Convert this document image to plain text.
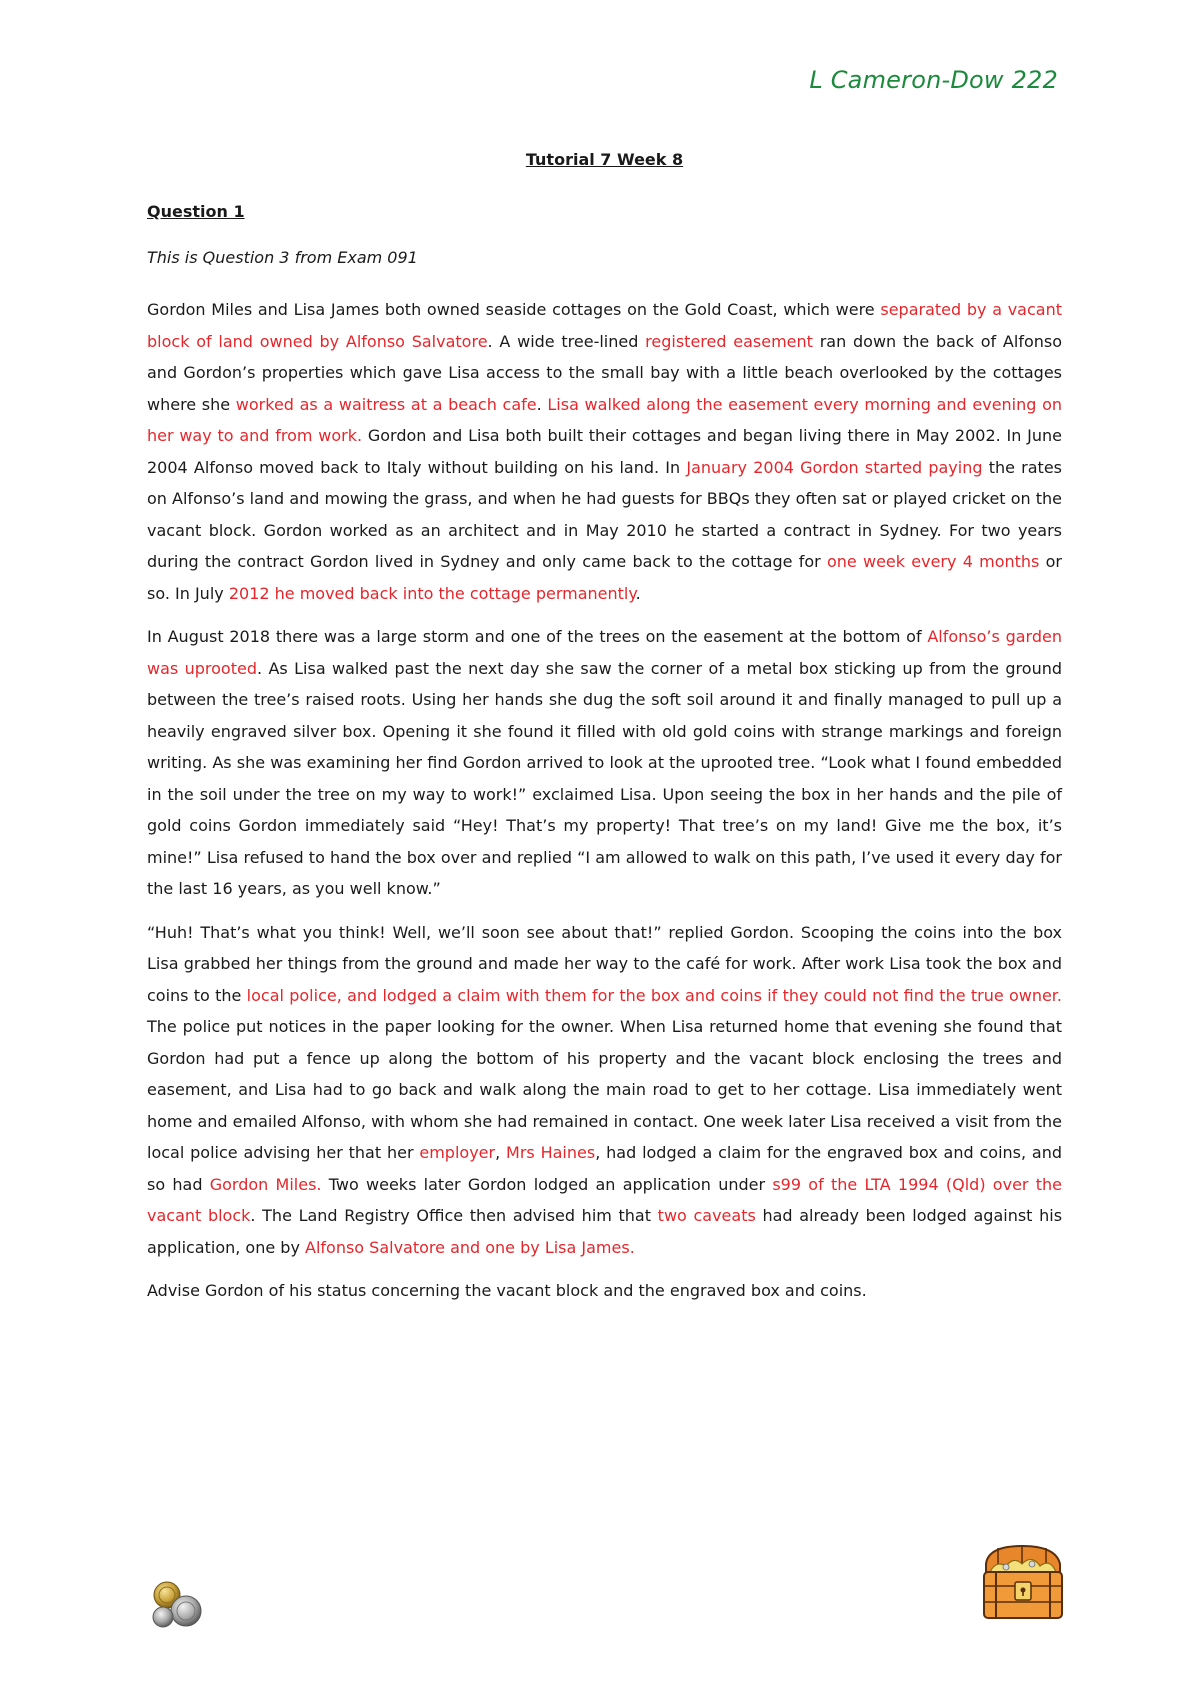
L Cameron-Dow 222
Tutorial 7 Week 8
Question 1
This is Question 3 from Exam 091

Gordon Miles and Lisa James both owned seaside cottages on the Gold Coast, which were separated by a vacant block of land owned by Alfonso Salvatore. A wide tree-lined registered easement ran down the back of Alfonso and Gordon’s properties which gave Lisa access to the small bay with a little beach overlooked by the cottages where she worked as a waitress at a beach cafe. Lisa walked along the easement every morning and evening on her way to and from work. Gordon and Lisa both built their cottages and began living there in May 2002. In June 2004 Alfonso moved back to Italy without building on his land. In January 2004 Gordon started paying the rates on Alfonso’s land and mowing the grass, and when he had guests for BBQs they often sat or played cricket on the vacant block. Gordon worked as an architect and in May 2010 he started a contract in Sydney. For two years during the contract Gordon lived in Sydney and only came back to the cottage for one week every 4 months or so. In July 2012 he moved back into the cottage permanently.

In August 2018 there was a large storm and one of the trees on the easement at the bottom of Alfonso’s garden was uprooted. As Lisa walked past the next day she saw the corner of a metal box sticking up from the ground between the tree’s raised roots. Using her hands she dug the soft soil around it and finally managed to pull up a heavily engraved silver box. Opening it she found it filled with old gold coins with strange markings and foreign writing. As she was examining her find Gordon arrived to look at the uprooted tree. “Look what I found embedded in the soil under the tree on my way to work!” exclaimed Lisa. Upon seeing the box in her hands and the pile of gold coins Gordon immediately said “Hey! That’s my property! That tree’s on my land! Give me the box, it’s mine!” Lisa refused to hand the box over and replied “I am allowed to walk on this path, I’ve used it every day for the last 16 years, as you well know.”

“Huh! That’s what you think! Well, we’ll soon see about that!” replied Gordon. Scooping the coins into the box Lisa grabbed her things from the ground and made her way to the café for work. After work Lisa took the box and coins to the local police, and lodged a claim with them for the box and coins if they could not find the true owner. The police put notices in the paper looking for the owner. When Lisa returned home that evening she found that Gordon had put a fence up along the bottom of his property and the vacant block enclosing the trees and easement, and Lisa had to go back and walk along the main road to get to her cottage. Lisa immediately went home and emailed Alfonso, with whom she had remained in contact. One week later Lisa received a visit from the local police advising her that her employer, Mrs Haines, had lodged a claim for the engraved box and coins, and so had Gordon Miles. Two weeks later Gordon lodged an application under s99 of the LTA 1994 (Qld) over the vacant block. The Land Registry Office then advised him that two caveats had already been lodged against his application, one by Alfonso Salvatore and one by Lisa James.

Advise Gordon of his status concerning the vacant block and the engraved box and coins.
